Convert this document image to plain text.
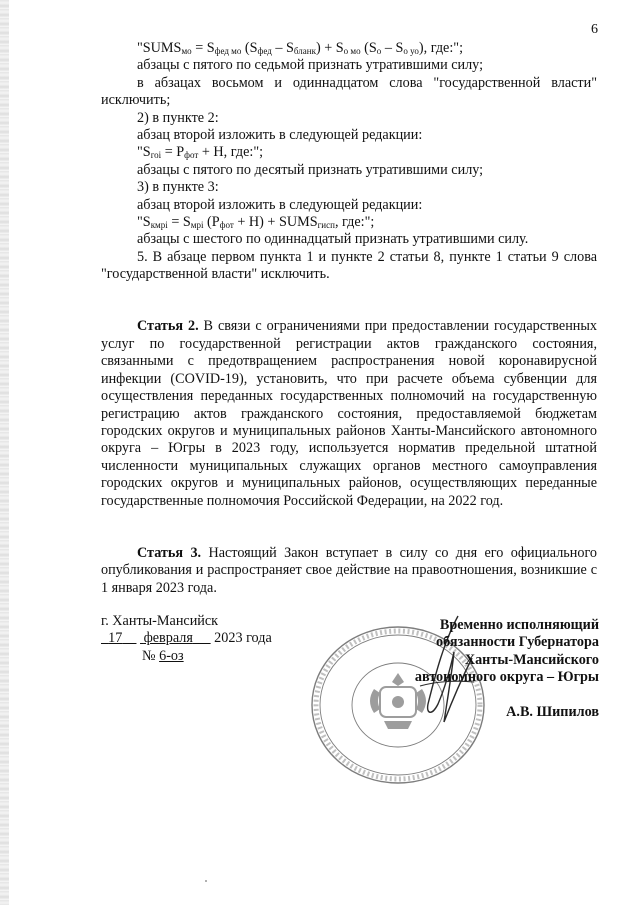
6

"$SUMS_{мо} = S_{фед мо}$ $(S_{фед} - S_{бланк}) + S_{о мо}$ $(S_о - S_{о уо})$, где:";

абзацы с пятого по седьмой признать утратившими силу;

в абзацах восьмом и одиннадцатом слова "государственной власти" исключить;

2) в пункте 2:

абзац второй изложить в следующей редакции:

"$S_{гоі} = P_{фот} + H$, где:";

абзацы с пятого по десятый признать утратившими силу;

3) в пункте 3:

абзац второй изложить в следующей редакции:

"$S_{кмрі} = S_{мрі}$ $(P_{фот} + H)$ + $SUMS_{гисп}$, где:";

абзацы с шестого по одиннадцатый признать утратившими силу.

5. В абзаце первом пункта 1 и пункте 2 статьи 8, пункте 1 статьи 9 слова "государственной власти" исключить.

Статья 2. В связи с ограничениями при предоставлении государственных услуг по государственной регистрации актов гражданского состояния, связанными с предотвращением распространения новой коронавирусной инфекции (COVID-19), установить, что при расчете объема субвенции для осуществления переданных государственных полномочий на государственную регистрацию актов гражданского состояния, предоставляемой бюджетам городских округов и муниципальных районов Ханты-Мансийского автономного округа – Югры в 2023 году, используется норматив предельной штатной численности муниципальных служащих органов местного самоуправления городских округов и муниципальных районов, осуществляющих переданные государственные полномочия Российской Федерации, на 2022 год.

Статья 3. Настоящий Закон вступает в силу со дня его официального опубликования и распространяет свое действие на правоотношения, возникшие с 1 января 2023 года.

г. Ханты-Мансийск
17 февраля 2023 года
№ 6-оз
Временно исполняющий
обязанности Губернатора
Ханты-Мансийского
автономного округа – Югры
А.В. Шипилов
